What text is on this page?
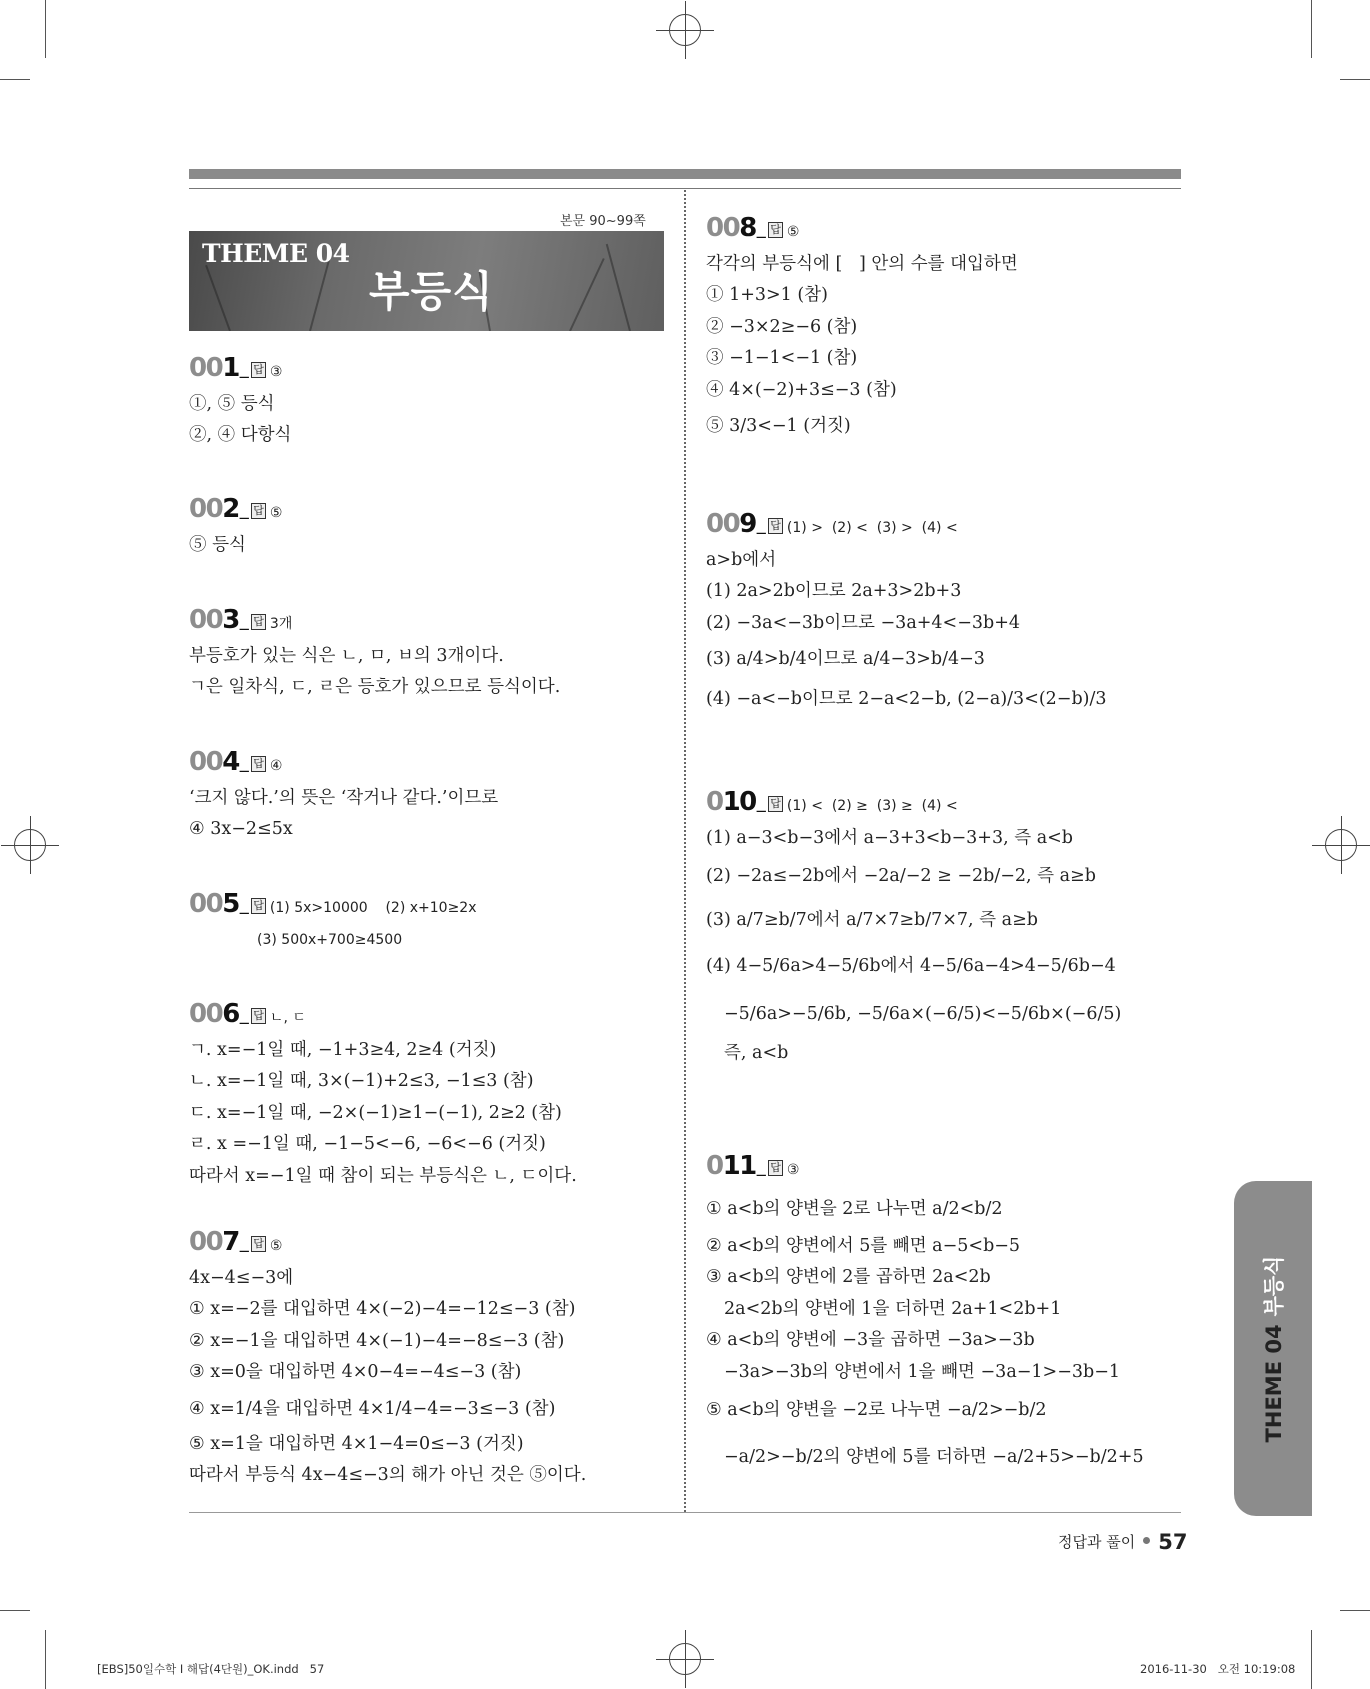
본문 90~99쪽
THEME 04
부등식
001_ 답 ③
①, ⑤ 등식
②, ④ 다항식
002_ 답 ⑤
⑤ 등식
003_ 답 3개
부등호가 있는 식은 ㄴ, ㅁ, ㅂ의 3개이다.
ㄱ은 일차식, ㄷ, ㄹ은 등호가 있으므로 등식이다.
004_ 답 ④
‘크지 않다.’의 뜻은 ‘작거나 같다.’이므로
④ 3x−2≤5x
005_ 답 (1) 5x>10000    (2) x+10≥2x
(3) 500x+700≥4500
006_ 답 ㄴ, ㄷ
ㄱ. x=−1일 때, −1+3≥4, 2≥4 (거짓)
ㄴ. x=−1일 때, 3×(−1)+2≤3, −1≤3 (참)
ㄷ. x=−1일 때, −2×(−1)≥1−(−1), 2≥2 (참)
ㄹ. x =−1일 때, −1−5<−6, −6<−6 (거짓)
따라서 x=−1일 때 참이 되는 부등식은 ㄴ, ㄷ이다.
007_ 답 ⑤
4x−4≤−3에
① x=−2를 대입하면 4×(−2)−4=−12≤−3 (참)
② x=−1을 대입하면 4×(−1)−4=−8≤−3 (참)
③ x=0을 대입하면 4×0−4=−4≤−3 (참)
④ x=1/4을 대입하면 4×1/4−4=−3≤−3 (참)
⑤ x=1을 대입하면 4×1−4=0≤−3 (거짓)
따라서 부등식 4x−4≤−3의 해가 아닌 것은 ⑤이다.
008_ 답 ⑤
각각의 부등식에 [   ] 안의 수를 대입하면
① 1+3>1 (참)
② −3×2≥−6 (참)
③ −1−1<−1 (참)
④ 4×(−2)+3≤−3 (참)
⑤ 3/3<−1 (거짓)
009_ 답 (1) >  (2) <  (3) >  (4) <
a>b에서
(1) 2a>2b이므로 2a+3>2b+3
(2) −3a<−3b이므로 −3a+4<−3b+4
(3) a/4>b/4이므로 a/4−3>b/4−3
(4) −a<−b이므로 2−a<2−b, (2−a)/3<(2−b)/3
010_ 답 (1) <  (2) ≥  (3) ≥  (4) <
(1) a−3<b−3에서 a−3+3<b−3+3, 즉 a<b
(2) −2a≤−2b에서 −2a/−2 ≥ −2b/−2, 즉 a≥b
(3) a/7≥b/7에서 a/7×7≥b/7×7, 즉 a≥b
(4) 4−5/6a>4−5/6b에서 4−5/6a−4>4−5/6b−4
−5/6a>−5/6b, −5/6a×(−6/5)<−5/6b×(−6/5)
즉, a<b
011_ 답 ③
① a<b의 양변을 2로 나누면 a/2<b/2
② a<b의 양변에서 5를 빼면 a−5<b−5
③ a<b의 양변에 2를 곱하면 2a<2b
2a<2b의 양변에 1을 더하면 2a+1<2b+1
④ a<b의 양변에 −3을 곱하면 −3a>−3b
−3a>−3b의 양변에서 1을 빼면 −3a−1>−3b−1
⑤ a<b의 양변을 −2로 나누면 −a/2>−b/2
−a/2>−b/2의 양변에 5를 더하면 −a/2+5>−b/2+5
THEME 04부등식
정답과 풀이 57
[EBS]50일수학 I 해답(4단원)_OK.indd   57	2016-11-30   오전 10:19:08
